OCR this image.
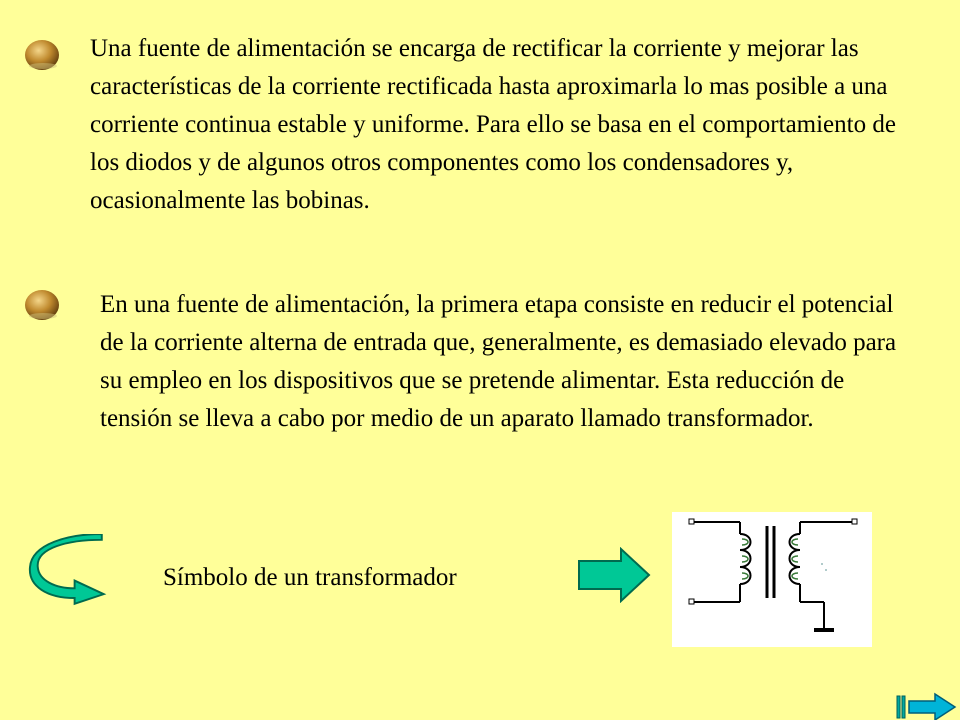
Una fuente de alimentación se encarga de rectificar la corriente y mejorar las características de la corriente rectificada hasta aproximarla lo mas posible a una corriente continua estable y uniforme. Para ello se basa en el comportamiento de los diodos y de algunos otros componentes como los condensadores y, ocasionalmente las bobinas.

En una fuente de alimentación, la primera etapa consiste en reducir el potencial de la corriente alterna de entrada que, generalmente, es demasiado elevado para su empleo en los dispositivos que se pretende alimentar. Esta reducción de tensión se lleva a cabo por medio de un aparato llamado transformador.

Símbolo de un transformador
